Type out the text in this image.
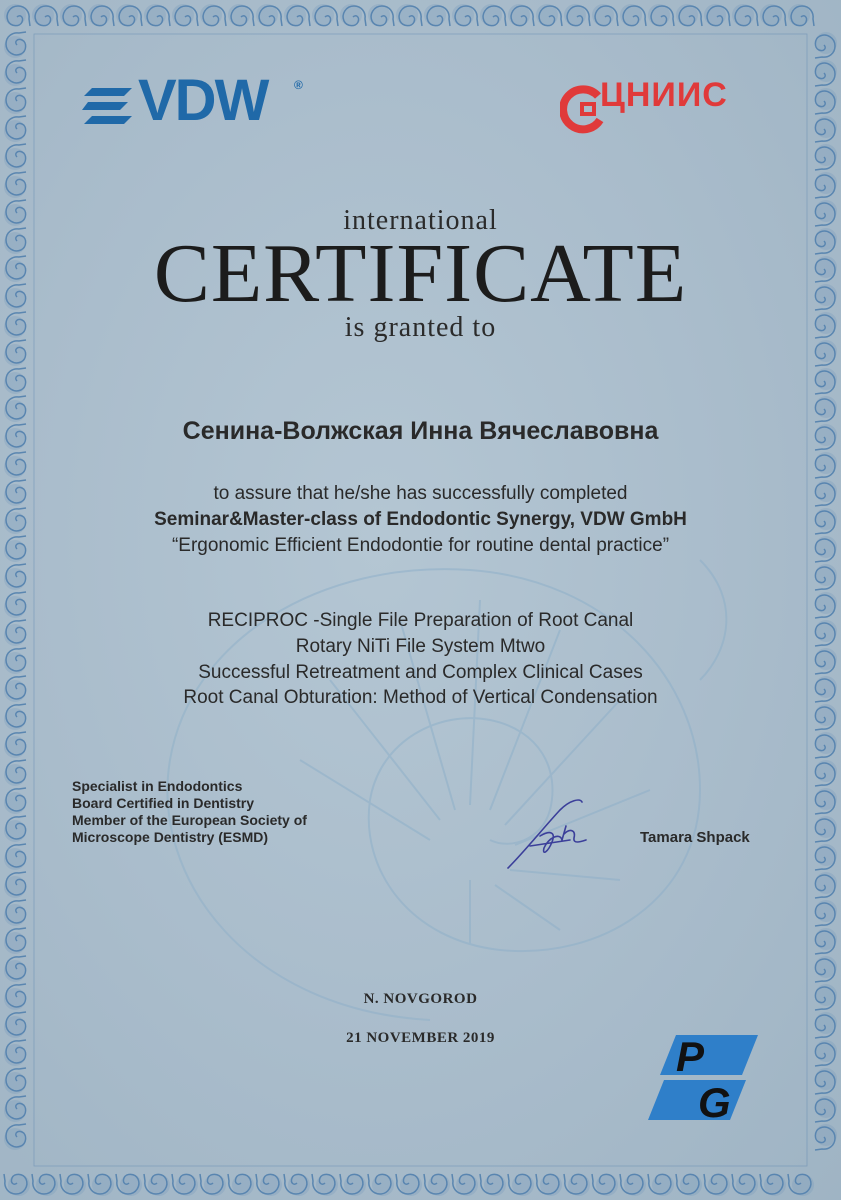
VDW ®	ЦНИИС
international
CERTIFICATE
is granted to
Сенина-Волжская Инна Вячеславовна
to assure that he/she has successfully completed
Seminar&Master-class of Endodontic Synergy, VDW GmbH
“Ergonomic Efficient Endodontie for routine dental practice”
RECIPROC -Single File Preparation of Root Canal
Rotary NiTi File System Mtwo
Successful Retreatment and Complex Clinical Cases
Root Canal Obturation: Method of Vertical Condensation
Specialist in Endodontics
Board Certified in Dentistry
Member of the European Society of
Microscope Dentistry (ESMD)	Tamara Shpack
N. NOVGOROD
21 NOVEMBER 2019	P
G
